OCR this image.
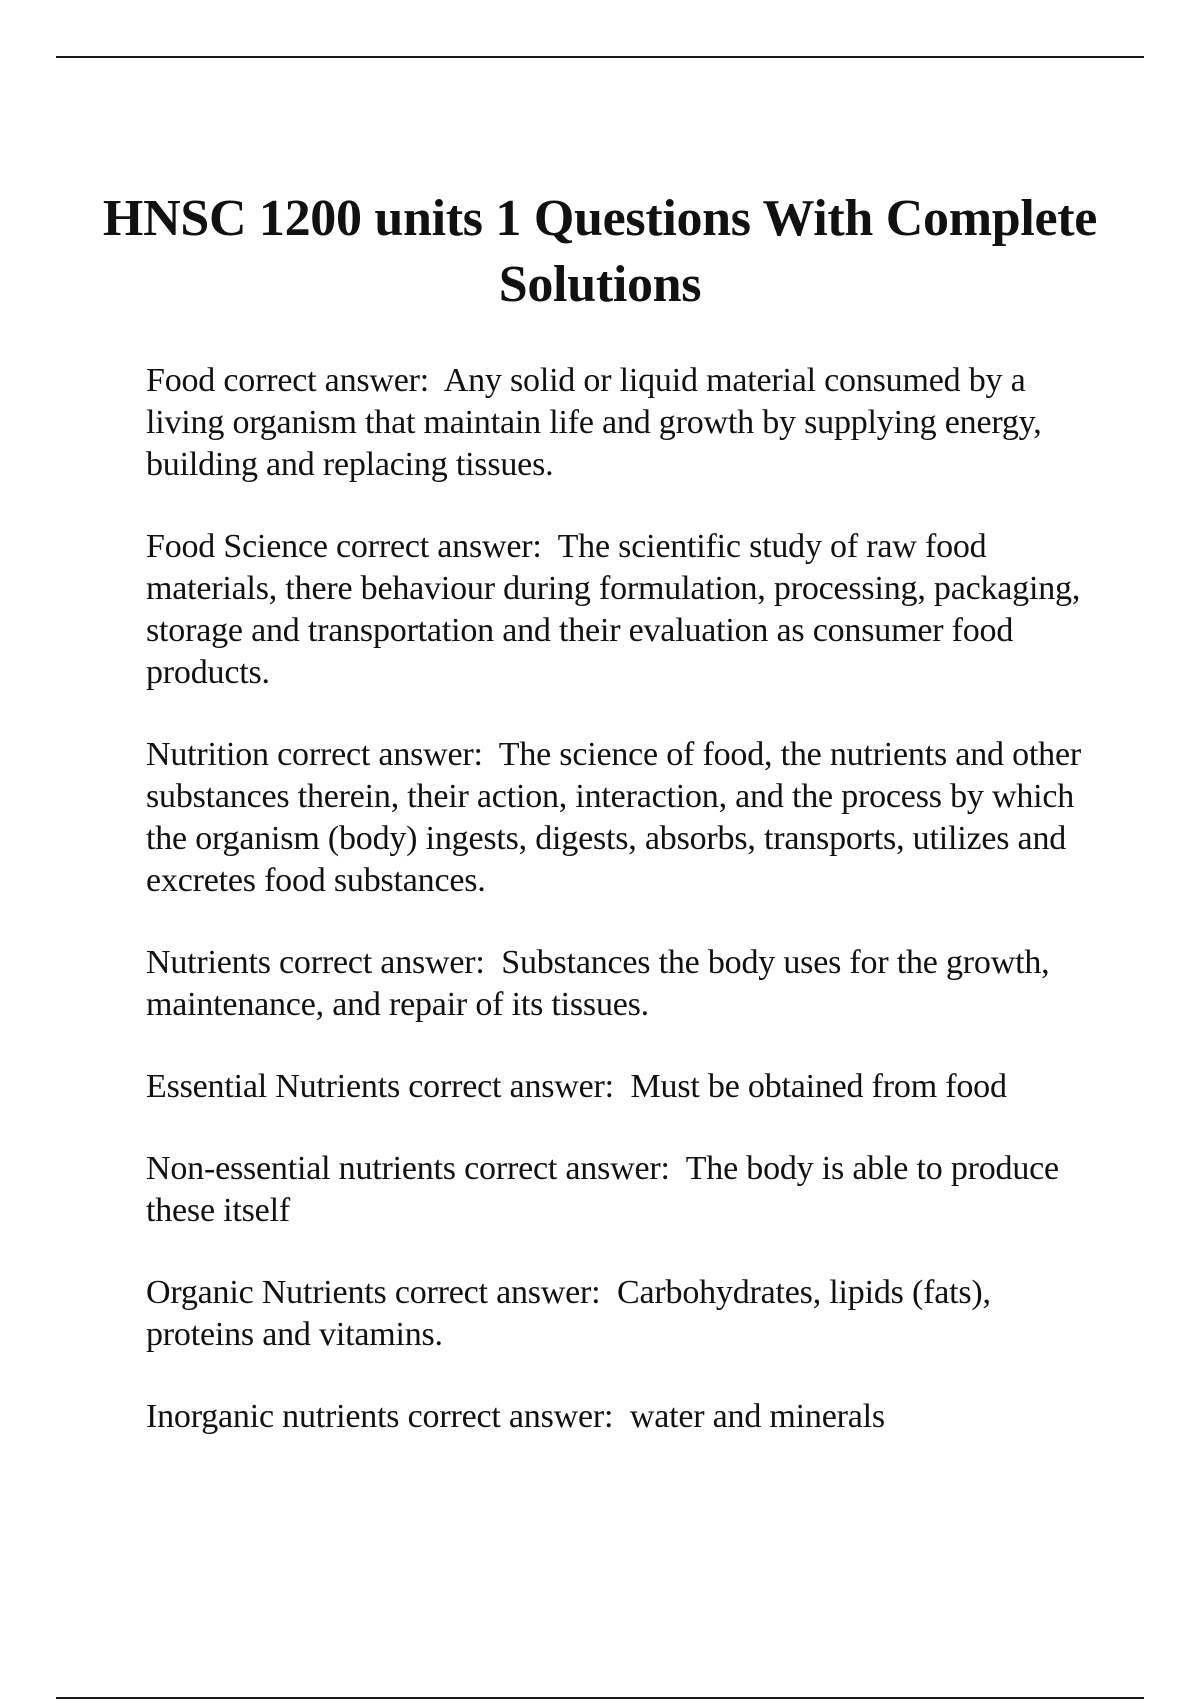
HNSC 1200 units 1 Questions With Complete Solutions
Food correct answer:  Any solid or liquid material consumed by a living organism that maintain life and growth by supplying energy, building and replacing tissues.
Food Science correct answer:  The scientific study of raw food materials, there behaviour during formulation, processing, packaging, storage and transportation and their evaluation as consumer food products.
Nutrition correct answer:  The science of food, the nutrients and other substances therein, their action, interaction, and the process by which the organism (body) ingests, digests, absorbs, transports, utilizes and excretes food substances.
Nutrients correct answer:  Substances the body uses for the growth, maintenance, and repair of its tissues.
Essential Nutrients correct answer:  Must be obtained from food
Non-essential nutrients correct answer:  The body is able to produce these itself
Organic Nutrients correct answer:  Carbohydrates, lipids (fats), proteins and vitamins.
Inorganic nutrients correct answer:  water and minerals
